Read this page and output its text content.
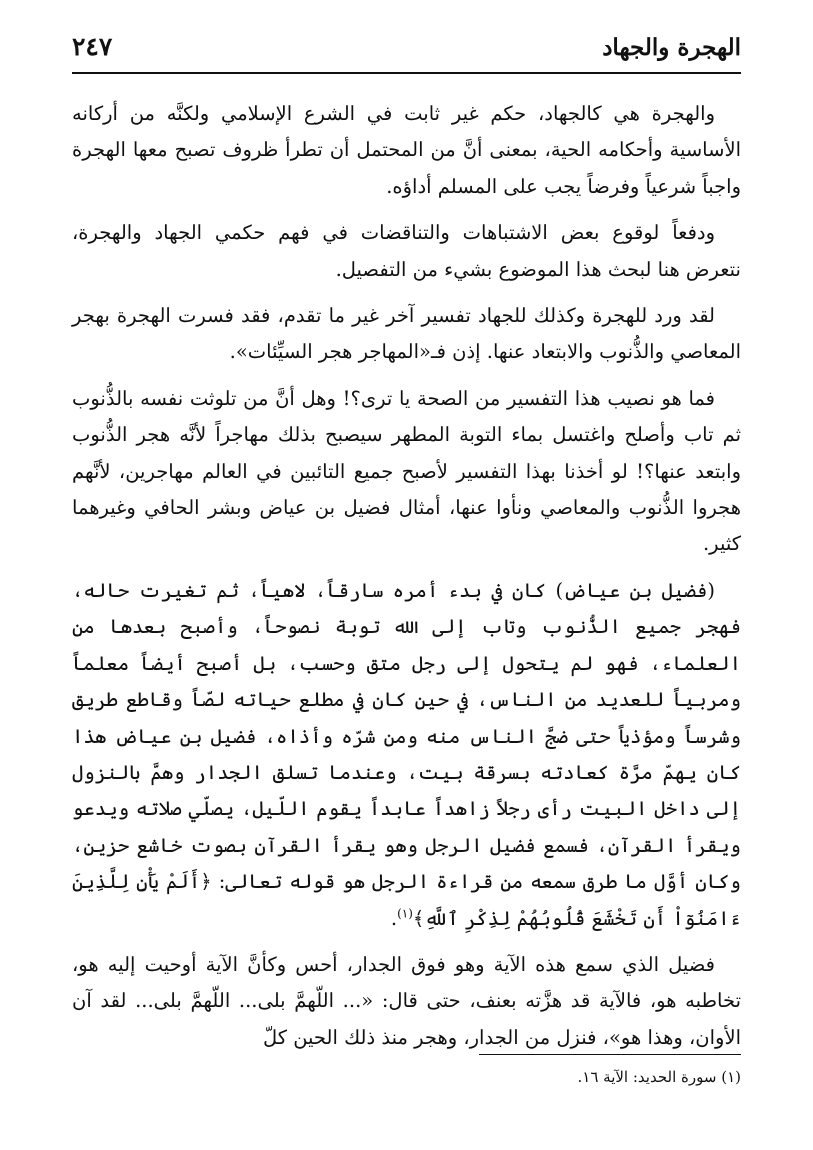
الهجرة والجهاد
٢٤٧

والهجرة هي كالجهاد، حكم غير ثابت في الشرع الإسلامي ولكنَّه من أركانه الأساسية وأحكامه الحية، بمعنى أنَّ من المحتمل أن تطرأ ظروف تصبح معها الهجرة واجباً شرعياً وفرضاً يجب على المسلم أداؤه.

ودفعاً لوقوع بعض الاشتباهات والتناقضات في فهم حكمي الجهاد والهجرة، نتعرض هنا لبحث هذا الموضوع بشيء من التفصيل.

لقد ورد للهجرة وكذلك للجهاد تفسير آخر غير ما تقدم، فقد فسرت الهجرة بهجر المعاصي والذُّنوب والابتعاد عنها. إذن فـ«المهاجر هجر السيِّئات».

فما هو نصيب هذا التفسير من الصحة يا ترى؟! وهل أنَّ من تلوثت نفسه بالذُّنوب ثم تاب وأصلح واغتسل بماء التوبة المطهر سيصبح بذلك مهاجراً لأنَّه هجر الذُّنوب وابتعد عنها؟! لو أخذنا بهذا التفسير لأصبح جميع التائبين في العالم مهاجرين، لأنَّهم هجروا الذُّنوب والمعاصي ونأوا عنها، أمثال فضيل بن عياض وبشر الحافي وغيرهما كثير.

(فضيل بن عياض) كان في بدء أمره سارقاً، لاهياً، ثم تغيرت حاله، فهجر جميع الذُّنوب وتاب إلى الله توبة نصوحاً، وأصبح بعدها من العلماء، فهو لم يتحول إلى رجل متق وحسب، بل أصبح أيضاً معلماً ومربياً للعديد من الناس، في حين كان في مطلع حياته لصّاً وقاطع طريق وشرساً ومؤذياً حتى ضجَّ الناس منه ومن شرّه وأذاه، فضيل بن عياض هذا كان يهمّ مرَّة كعادته بسرقة بيت، وعندما تسلق الجدار وهمَّ بالنزول إلى داخل البيت رأى رجلاً زاهداً عابداً يقوم اللّيل، يصلّي صلاته ويدعو ويقرأ القرآن، فسمع فضيل الرجل وهو يقرأ القرآن بصوت خاشع حزين، وكان أوَّل ما طرق سمعه من قراءة الرجل هو قوله تعالى: ﴿أَلَمْ يَأْنِ لِلَّذِينَ ءَامَنُوٓاْ أَن تَخْشَعَ قُلُوبُهُمْ لِذِكْرِ ٱللَّهِ﴾$^{(١)}$.

فضيل الذي سمع هذه الآية وهو فوق الجدار، أحس وكأنَّ الآية أوحيت إليه هو، تخاطبه هو، فالآية قد هزَّته بعنف، حتى قال: «... اللّهمَّ بلى... اللّهمَّ بلى... لقد آن الأوان، وهذا هو»، فنزل من الجدار، وهجر منذ ذلك الحين كلّ

(١) سورة الحديد: الآية ١٦.
